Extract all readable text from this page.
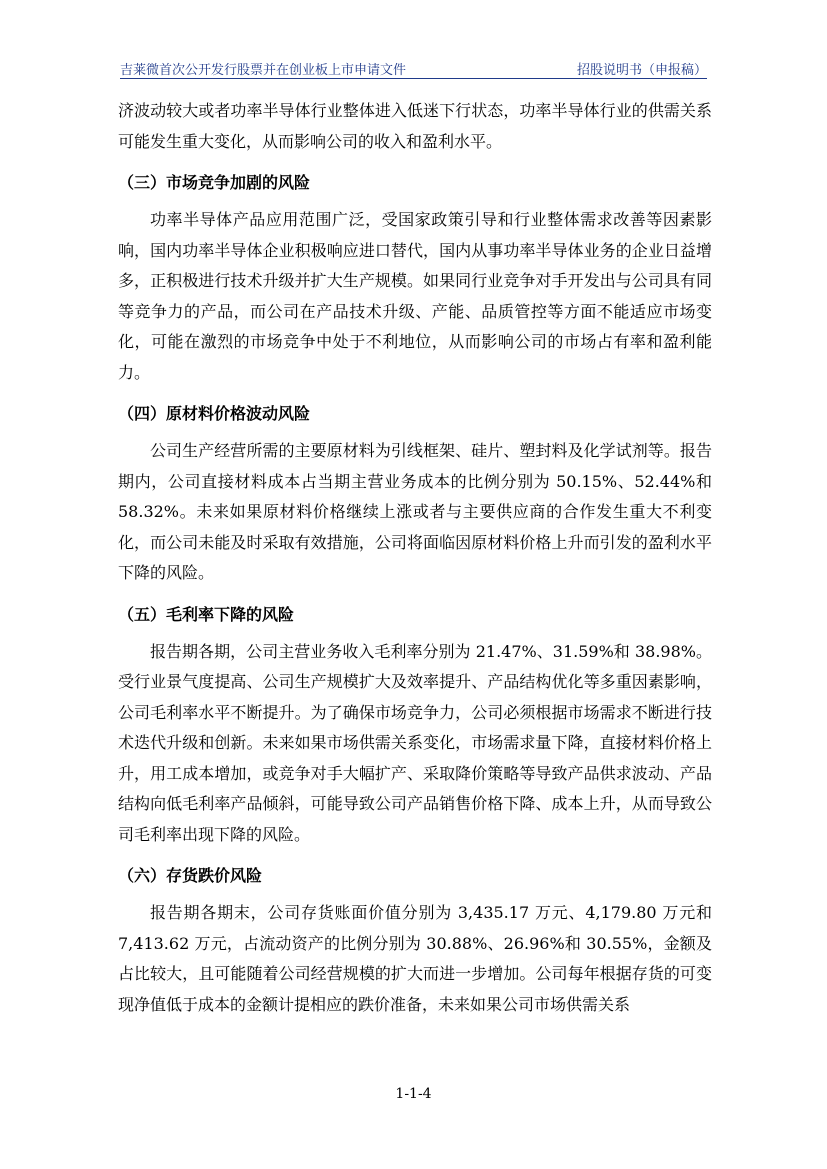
吉莱微首次公开发行股票并在创业板上市申请文件	招股说明书（申报稿）

济波动较大或者功率半导体行业整体进入低迷下行状态，功率半导体行业的供需关系可能发生重大变化，从而影响公司的收入和盈利水平。

（三）市场竞争加剧的风险

功率半导体产品应用范围广泛，受国家政策引导和行业整体需求改善等因素影响，国内功率半导体企业积极响应进口替代，国内从事功率半导体业务的企业日益增多，正积极进行技术升级并扩大生产规模。如果同行业竞争对手开发出与公司具有同等竞争力的产品，而公司在产品技术升级、产能、品质管控等方面不能适应市场变化，可能在激烈的市场竞争中处于不利地位，从而影响公司的市场占有率和盈利能力。

（四）原材料价格波动风险

公司生产经营所需的主要原材料为引线框架、硅片、塑封料及化学试剂等。报告期内，公司直接材料成本占当期主营业务成本的比例分别为 50.15%、52.44%和 58.32%。未来如果原材料价格继续上涨或者与主要供应商的合作发生重大不利变化，而公司未能及时采取有效措施，公司将面临因原材料价格上升而引发的盈利水平下降的风险。

（五）毛利率下降的风险

报告期各期，公司主营业务收入毛利率分别为 21.47%、31.59%和 38.98%。受行业景气度提高、公司生产规模扩大及效率提升、产品结构优化等多重因素影响，公司毛利率水平不断提升。为了确保市场竞争力，公司必须根据市场需求不断进行技术迭代升级和创新。未来如果市场供需关系变化，市场需求量下降，直接材料价格上升，用工成本增加，或竞争对手大幅扩产、采取降价策略等导致产品供求波动、产品结构向低毛利率产品倾斜，可能导致公司产品销售价格下降、成本上升，从而导致公司毛利率出现下降的风险。

（六）存货跌价风险

报告期各期末，公司存货账面价值分别为 3,435.17 万元、4,179.80 万元和 7,413.62 万元，占流动资产的比例分别为 30.88%、26.96%和 30.55%，金额及占比较大，且可能随着公司经营规模的扩大而进一步增加。公司每年根据存货的可变现净值低于成本的金额计提相应的跌价准备，未来如果公司市场供需关系

1-1-4
